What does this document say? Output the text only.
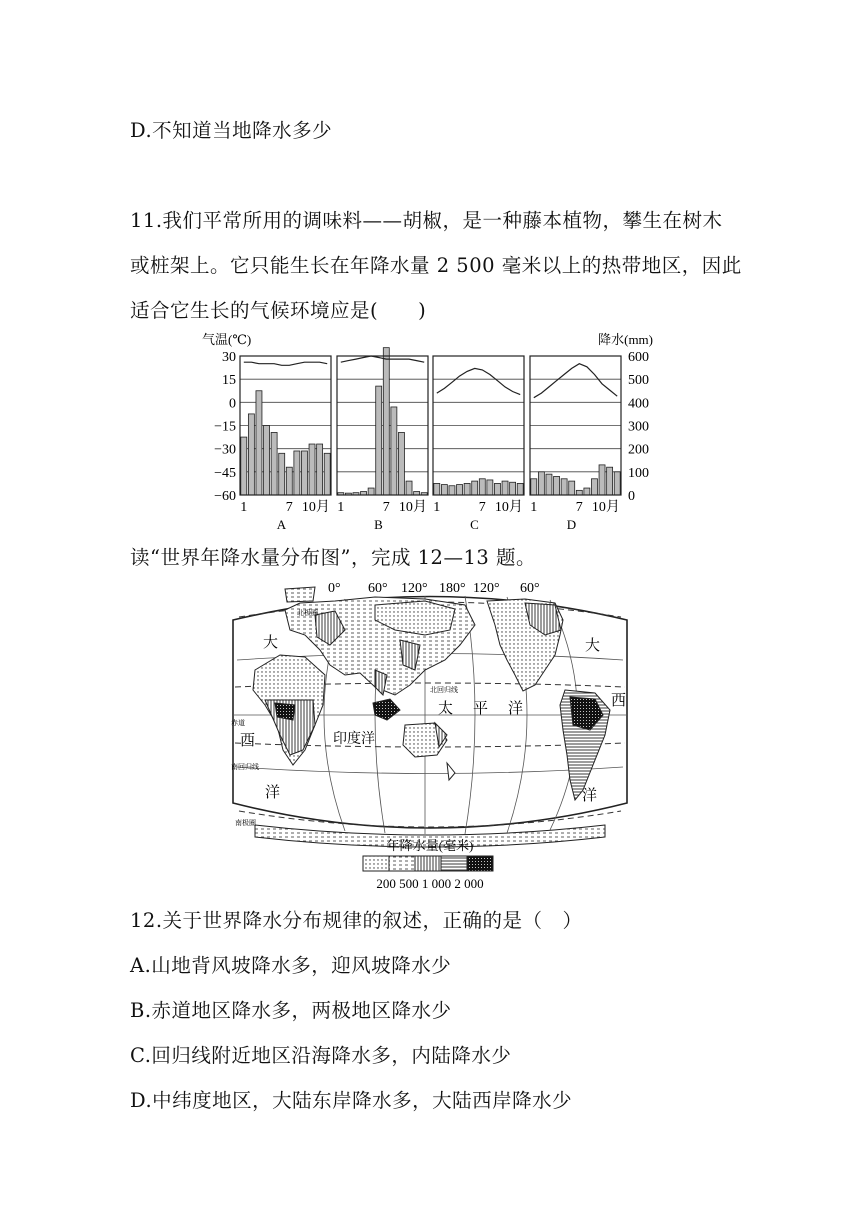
D.不知道当地降水多少
11.我们平常所用的调味料——胡椒，是一种藤本植物，攀生在树木
或桩架上。它只能生长在年降水量 2 500 毫米以上的热带地区，因此
适合它生长的气候环境应是(　　)
气温(℃)	降水(mm)
30
15
0
−15
−30
−45
−60
600
500
400
300
200
100
0
1	7 10月
A
1	7 10月
B
1	7 10月
C
1	7 10月
D
读“世界年降水量分布图”，完成 12—13 题。
0° 60° 120° 180° 120° 60°
大
西
洋
大
西
洋
印度洋
太 平 洋
北极圈
北回归线
赤道
南回归线
南极圈
年降水量(毫米)
200 500 1 000 2 000
12.关于世界降水分布规律的叙述，正确的是（　）
A.山地背风坡降水多，迎风坡降水少
B.赤道地区降水多，两极地区降水少
C.回归线附近地区沿海降水多，内陆降水少
D.中纬度地区，大陆东岸降水多，大陆西岸降水少
